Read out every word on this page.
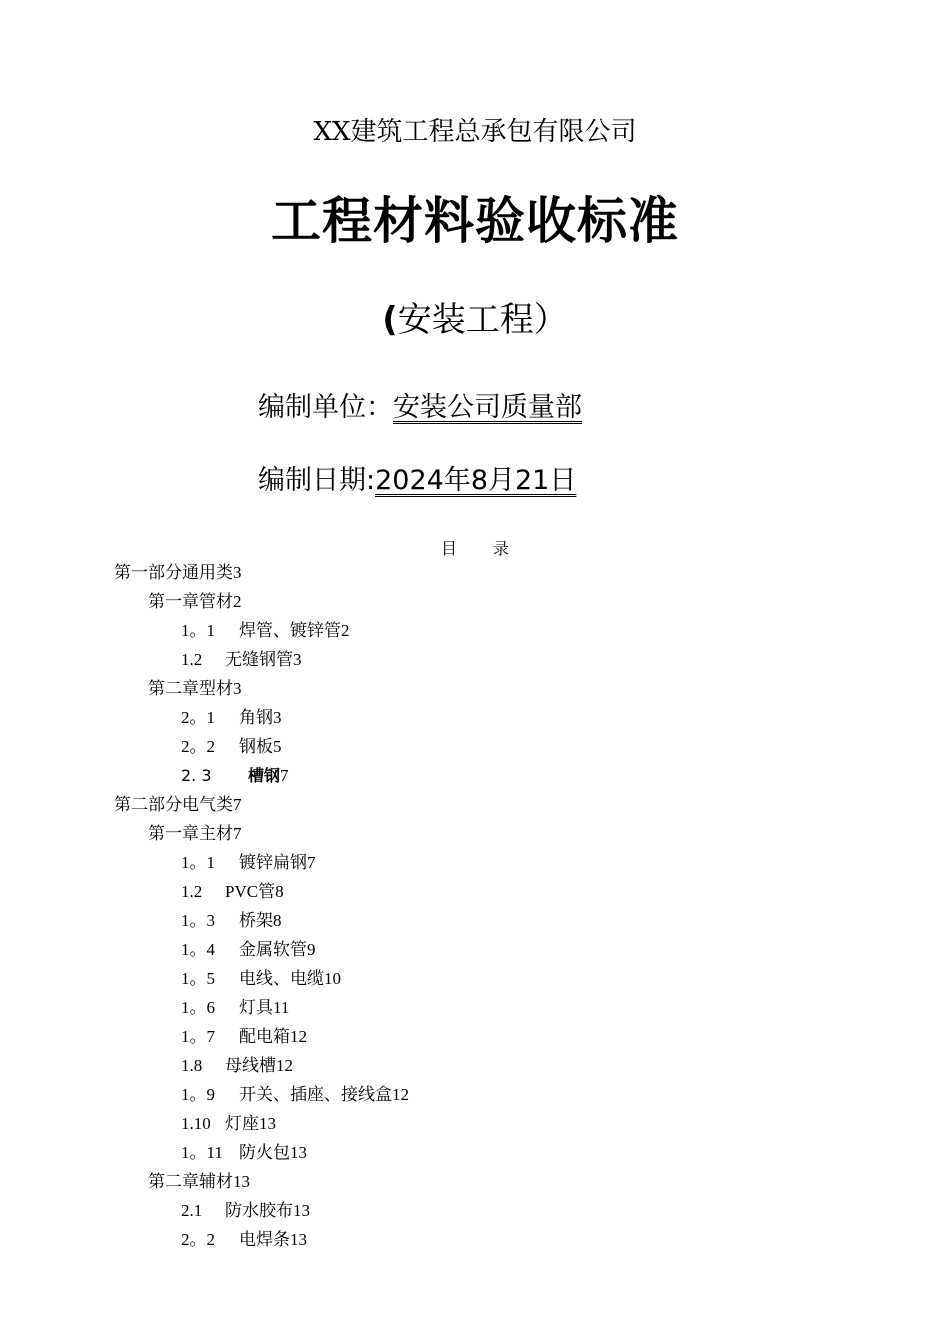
XX建筑工程总承包有限公司
工程材料验收标准
(安装工程）
编制单位：安装公司质量部
编制日期:2024年8月21日
目 录
第一部分通用类3
第一章管材2
1。1 焊管、镀锌管2
1.2 无缝钢管3
第二章型材3
2。1 角钢3
2。2 钢板5
2. 3 槽钢7
第二部分电气类7
第一章主材7
1。1 镀锌扁钢7
1.2 PVC管8
1。3 桥架8
1。4 金属软管9
1。5 电线、电缆10
1。6 灯具11
1。7 配电箱12
1.8 母线槽12
1。9 开关、插座、接线盒12
1.10 灯座13
1。11 防火包13
第二章辅材13
2.1 防水胶布13
2。2 电焊条13
